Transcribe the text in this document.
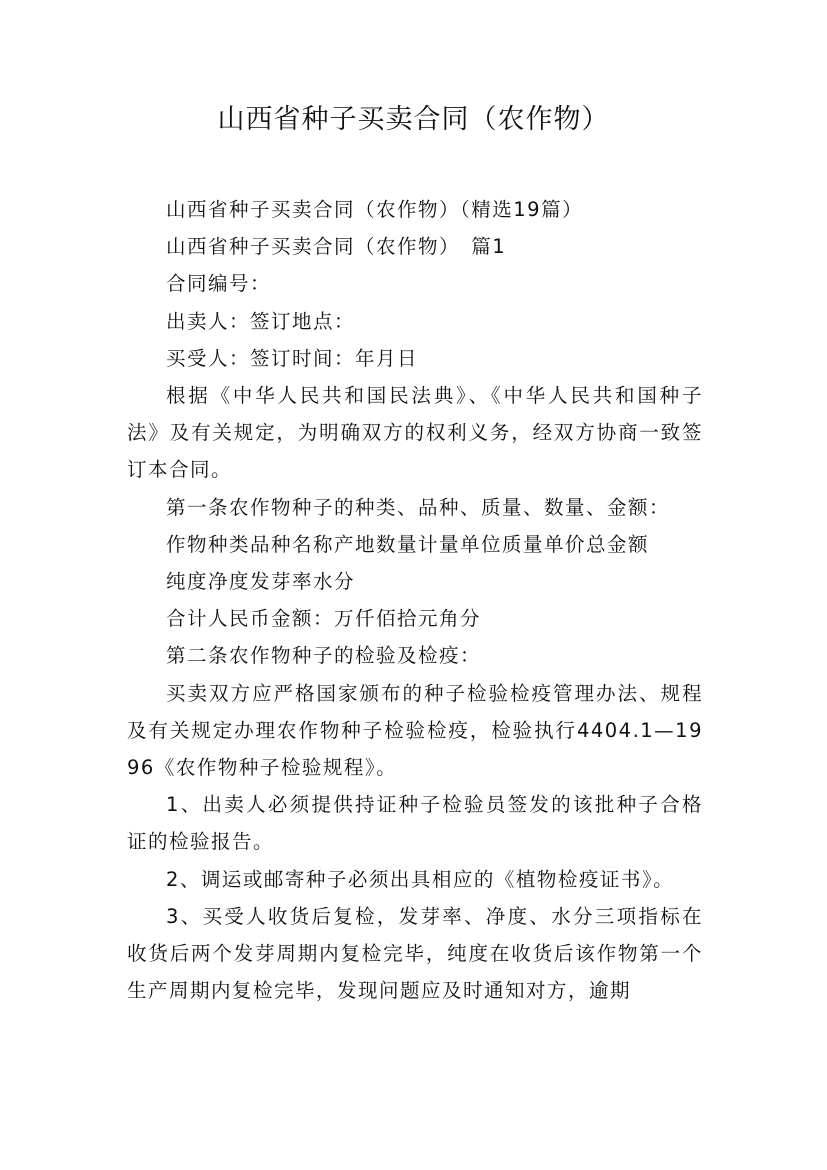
山西省种子买卖合同（农作物）

山西省种子买卖合同（农作物）（精选19篇）

山西省种子买卖合同（农作物）　篇1

合同编号：

出卖人：签订地点：

买受人：签订时间：年月日

根据《中华人民共和国民法典》、《中华人民共和国种子法》及有关规定，为明确双方的权利义务，经双方协商一致签订本合同。

第一条农作物种子的种类、品种、质量、数量、金额：

作物种类品种名称产地数量计量单位质量单价总金额

纯度净度发芽率水分

合计人民币金额：万仟佰拾元角分

第二条农作物种子的检验及检疫：

买卖双方应严格国家颁布的种子检验检疫管理办法、规程及有关规定办理农作物种子检验检疫，检验执行4404.1—1996《农作物种子检验规程》。

1、出卖人必须提供持证种子检验员签发的该批种子合格证的检验报告。

2、调运或邮寄种子必须出具相应的《植物检疫证书》。

3、买受人收货后复检，发芽率、净度、水分三项指标在收货后两个发芽周期内复检完毕，纯度在收货后该作物第一个生产周期内复检完毕，发现问题应及时通知对方，逾期
